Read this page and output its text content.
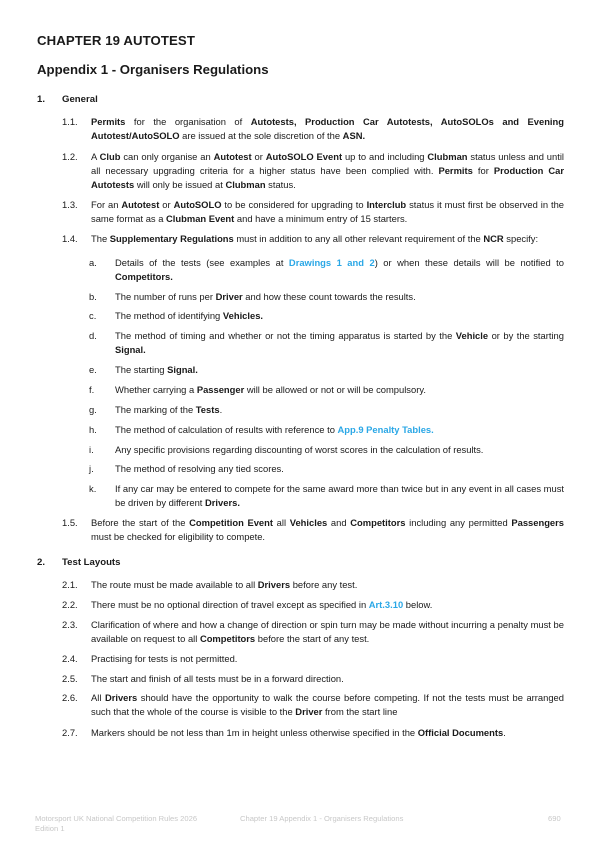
CHAPTER 19 AUTOTEST
Appendix 1 - Organisers Regulations
1. General
1.1. Permits for the organisation of Autotests, Production Car Autotests, AutoSOLOs and Evening Autotest/AutoSOLO are issued at the sole discretion of the ASN.
1.2. A Club can only organise an Autotest or AutoSOLO Event up to and including Clubman status unless and until all necessary upgrading criteria for a higher status have been complied with. Permits for Production Car Autotests will only be issued at Clubman status.
1.3. For an Autotest or AutoSOLO to be considered for upgrading to Interclub status it must first be observed in the same format as a Clubman Event and have a minimum entry of 15 starters.
1.4. The Supplementary Regulations must in addition to any all other relevant requirement of the NCR specify:
a. Details of the tests (see examples at Drawings 1 and 2) or when these details will be notified to Competitors.
b. The number of runs per Driver and how these count towards the results.
c. The method of identifying Vehicles.
d. The method of timing and whether or not the timing apparatus is started by the Vehicle or by the starting Signal.
e. The starting Signal.
f. Whether carrying a Passenger will be allowed or not or will be compulsory.
g. The marking of the Tests.
h. The method of calculation of results with reference to App.9 Penalty Tables.
i. Any specific provisions regarding discounting of worst scores in the calculation of results.
j. The method of resolving any tied scores.
k. If any car may be entered to compete for the same award more than twice but in any event in all cases must be driven by different Drivers.
1.5. Before the start of the Competition Event all Vehicles and Competitors including any permitted Passengers must be checked for eligibility to compete.
2. Test Layouts
2.1. The route must be made available to all Drivers before any test.
2.2. There must be no optional direction of travel except as specified in Art.3.10 below.
2.3. Clarification of where and how a change of direction or spin turn may be made without incurring a penalty must be available on request to all Competitors before the start of any test.
2.4. Practising for tests is not permitted.
2.5. The start and finish of all tests must be in a forward direction.
2.6. All Drivers should have the opportunity to walk the course before competing. If not the tests must be arranged such that the whole of the course is visible to the Driver from the start line
2.7. Markers should be not less than 1m in height unless otherwise specified in the Official Documents.
Motorsport UK National Competition Rules 2026
Edition 1
Chapter 19 Appendix 1 - Organisers Regulations	690
